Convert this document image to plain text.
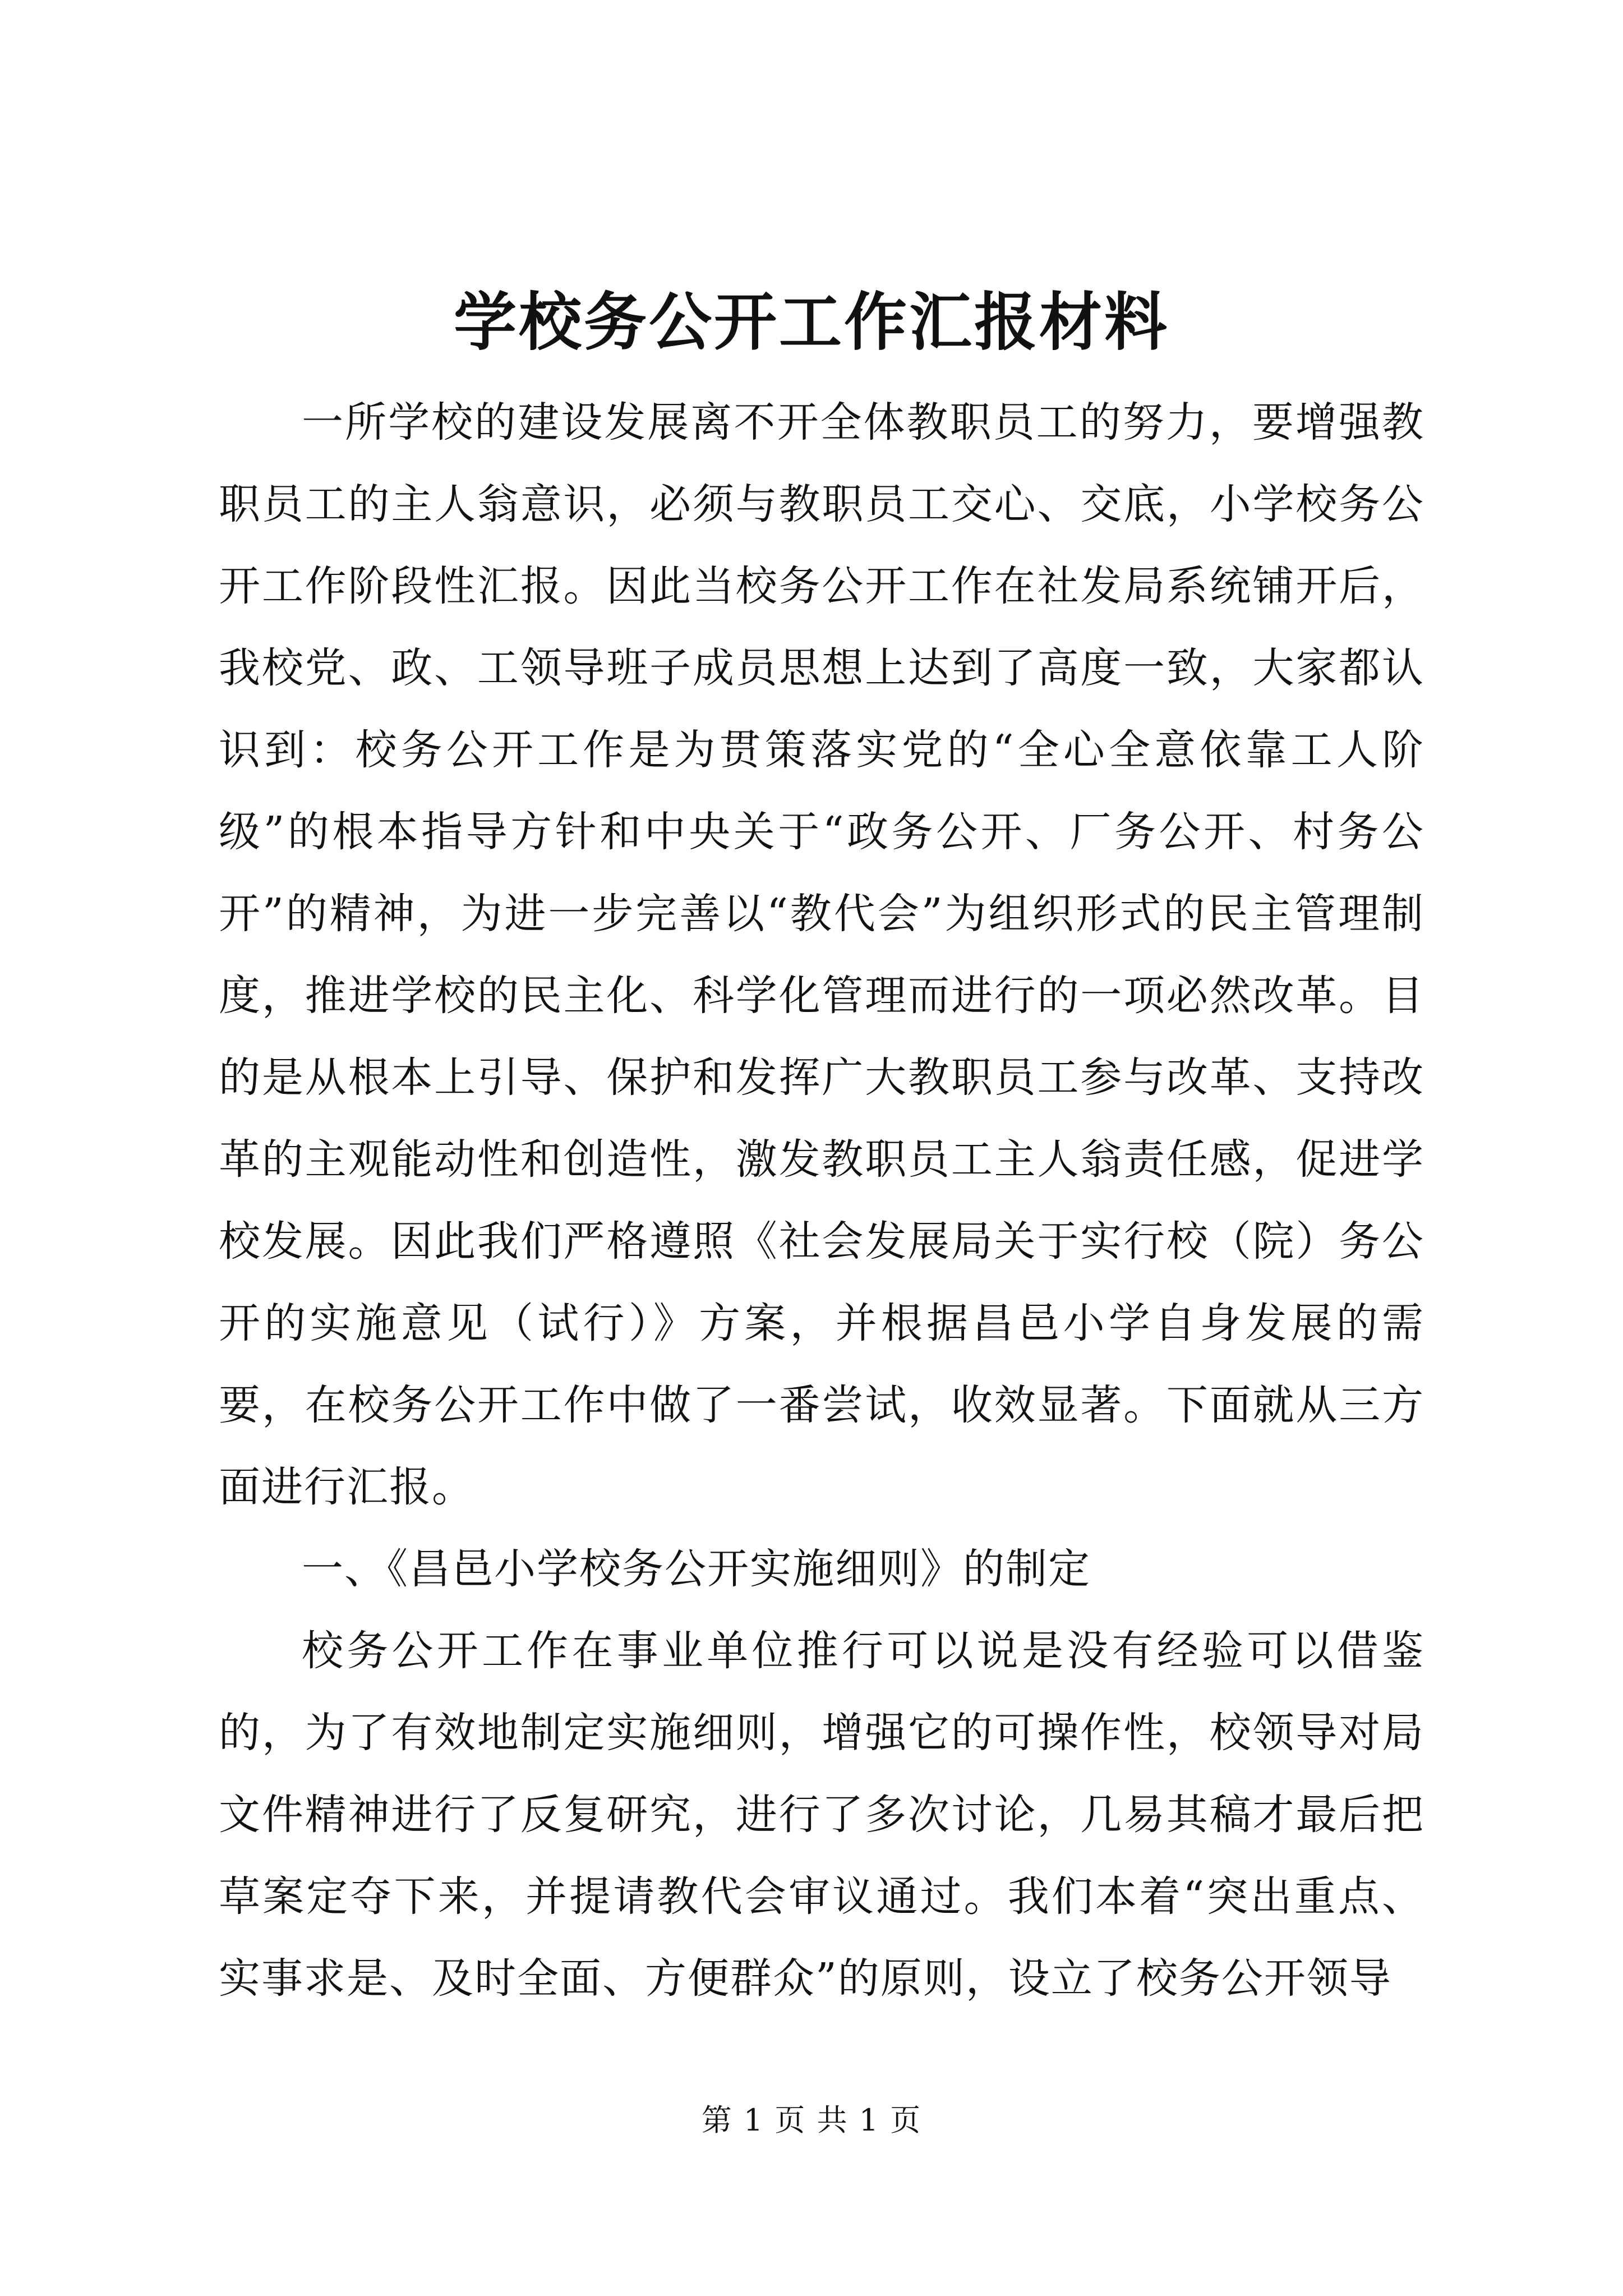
学校务公开工作汇报材料

一所学校的建设发展离不开全体教职员工的努力，要增强教职员工的主人翁意识，必须与教职员工交心、交底，小学校务公开工作阶段性汇报。因此当校务公开工作在社发局系统铺开后，我校党、政、工领导班子成员思想上达到了高度一致，大家都认识到：校务公开工作是为贯策落实党的“全心全意依靠工人阶级”的根本指导方针和中央关于“政务公开、厂务公开、村务公开”的精神，为进一步完善以“教代会”为组织形式的民主管理制度，推进学校的民主化、科学化管理而进行的一项必然改革。目的是从根本上引导、保护和发挥广大教职员工参与改革、支持改革的主观能动性和创造性，激发教职员工主人翁责任感，促进学校发展。因此我们严格遵照《社会发展局关于实行校（院）务公开的实施意见（试行）》方案，并根据昌邑小学自身发展的需要，在校务公开工作中做了一番尝试，收效显著。下面就从三方面进行汇报。

一、《昌邑小学校务公开实施细则》的制定

校务公开工作在事业单位推行可以说是没有经验可以借鉴的，为了有效地制定实施细则，增强它的可操作性，校领导对局文件精神进行了反复研究，进行了多次讨论，几易其稿才最后把草案定夺下来，并提请教代会审议通过。我们本着“突出重点、实事求是、及时全面、方便群众”的原则，设立了校务公开领导

第 1 页 共 1 页
